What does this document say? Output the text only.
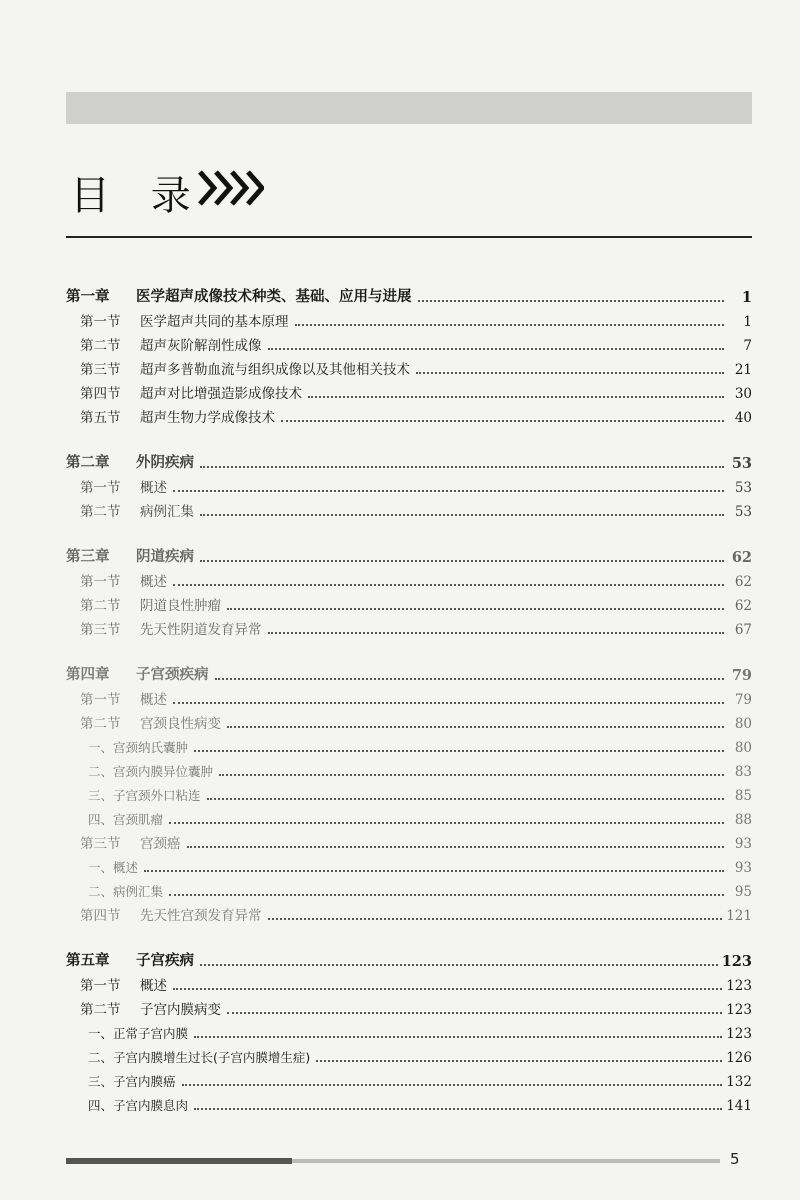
目 录
第一章	医学超声成像技术种类、基础、应用与进展	1
第一节	医学超声共同的基本原理	1
第二节	超声灰阶解剖性成像	7
第三节	超声多普勒血流与组织成像以及其他相关技术	21
第四节	超声对比增强造影成像技术	30
第五节	超声生物力学成像技术	40
第二章	外阴疾病	53
第一节	概述	53
第二节	病例汇集	53
第三章	阴道疾病	62
第一节	概述	62
第二节	阴道良性肿瘤	62
第三节	先天性阴道发育异常	67
第四章	子宫颈疾病	79
第一节	概述	79
第二节	宫颈良性病变	80
一、宫颈纳氏囊肿	80
二、宫颈内膜异位囊肿	83
三、子宫颈外口粘连	85
四、宫颈肌瘤	88
第三节	宫颈癌	93
一、概述	93
二、病例汇集	95
第四节	先天性宫颈发育异常	121
第五章	子宫疾病	123
第一节	概述	123
第二节	子宫内膜病变	123
一、正常子宫内膜	123
二、子宫内膜增生过长(子宫内膜增生症)	126
三、子宫内膜癌	132
四、子宫内膜息肉	141
5
